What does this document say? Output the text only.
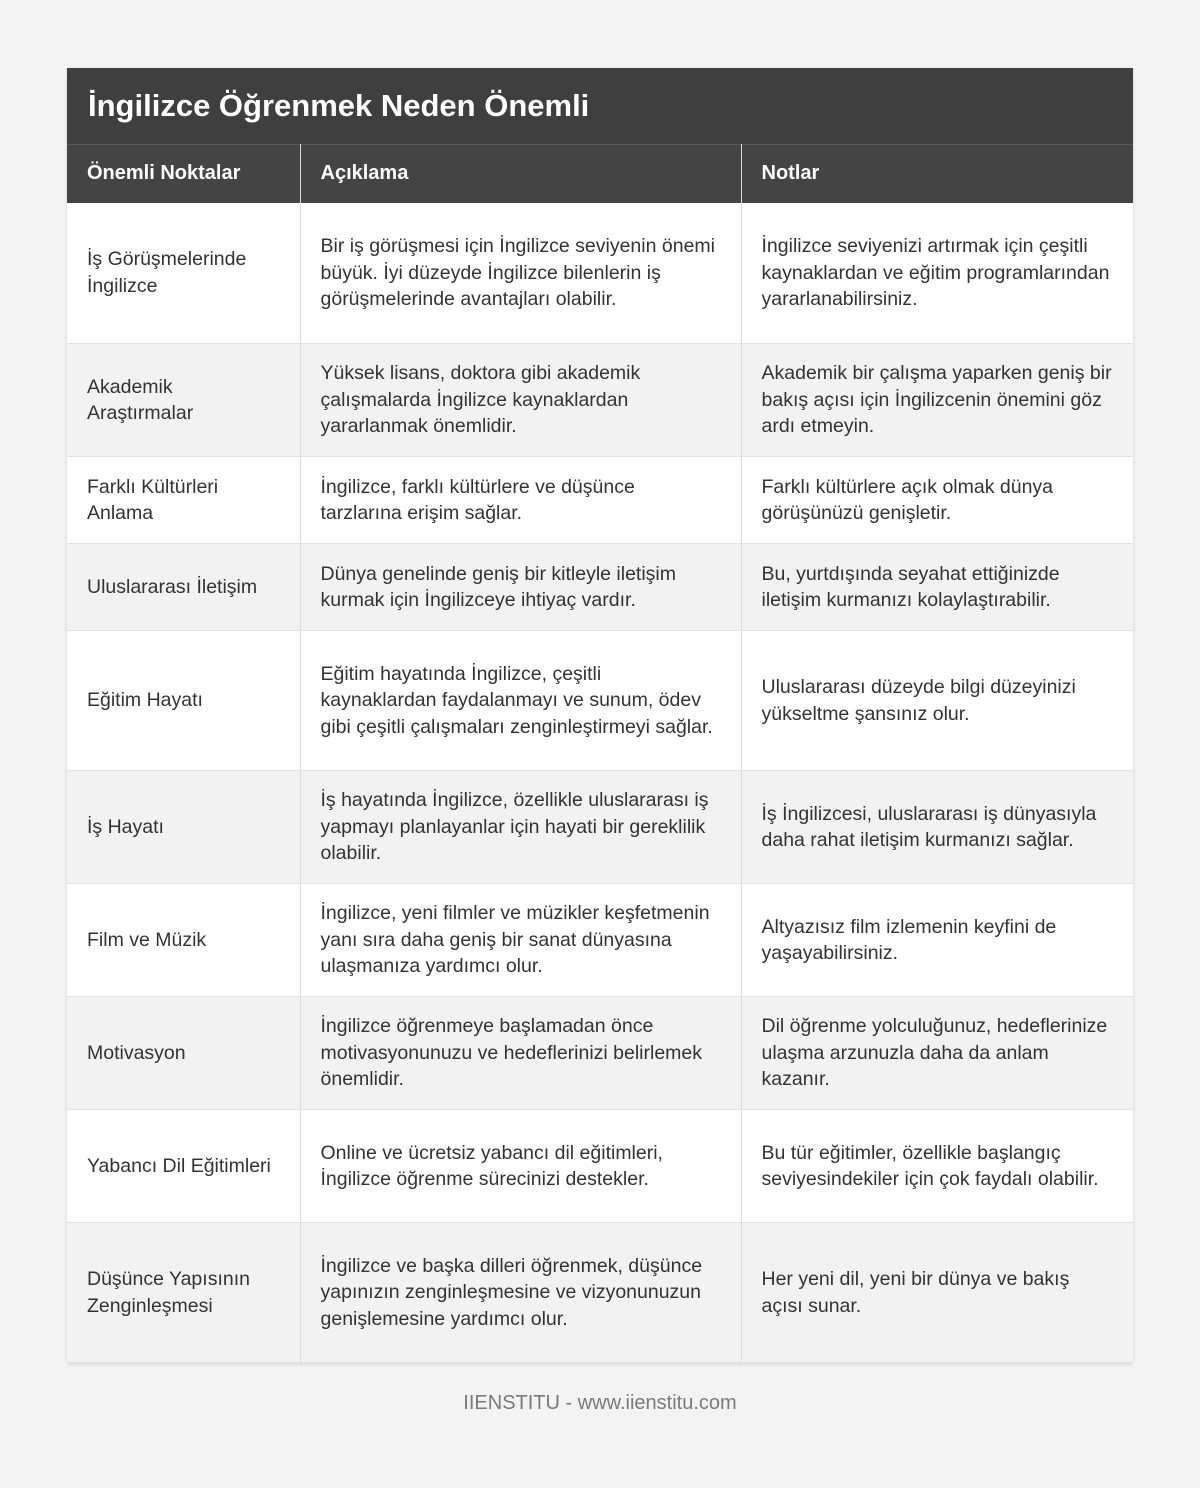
İngilizce Öğrenmek Neden Önemli
Önemli Noktalar	Açıklama	Notlar
İş Görüşmelerinde İngilizce	Bir iş görüşmesi için İngilizce seviyenin önemi büyük. İyi düzeyde İngilizce bilenlerin iş görüşmelerinde avantajları olabilir.	İngilizce seviyenizi artırmak için çeşitli kaynaklardan ve eğitim programlarından yararlanabilirsiniz.
Akademik Araştırmalar	Yüksek lisans, doktora gibi akademik çalışmalarda İngilizce kaynaklardan yararlanmak önemlidir.	Akademik bir çalışma yaparken geniş bir bakış açısı için İngilizcenin önemini göz ardı etmeyin.
Farklı Kültürleri Anlama	İngilizce, farklı kültürlere ve düşünce tarzlarına erişim sağlar.	Farklı kültürlere açık olmak dünya görüşünüzü genişletir.
Uluslararası İletişim	Dünya genelinde geniş bir kitleyle iletişim kurmak için İngilizceye ihtiyaç vardır.	Bu, yurtdışında seyahat ettiğinizde iletişim kurmanızı kolaylaştırabilir.
Eğitim Hayatı	Eğitim hayatında İngilizce, çeşitli kaynaklardan faydalanmayı ve sunum, ödev gibi çeşitli çalışmaları zenginleştirmeyi sağlar.	Uluslararası düzeyde bilgi düzeyinizi yükseltme şansınız olur.
İş Hayatı	İş hayatında İngilizce, özellikle uluslararası iş yapmayı planlayanlar için hayati bir gereklilik olabilir.	İş İngilizcesi, uluslararası iş dünyasıyla daha rahat iletişim kurmanızı sağlar.
Film ve Müzik	İngilizce, yeni filmler ve müzikler keşfetmenin yanı sıra daha geniş bir sanat dünyasına ulaşmanıza yardımcı olur.	Altyazısız film izlemenin keyfini de yaşayabilirsiniz.
Motivasyon	İngilizce öğrenmeye başlamadan önce motivasyonunuzu ve hedeflerinizi belirlemek önemlidir.	Dil öğrenme yolculuğunuz, hedeflerinize ulaşma arzunuzla daha da anlam kazanır.
Yabancı Dil Eğitimleri	Online ve ücretsiz yabancı dil eğitimleri, İngilizce öğrenme sürecinizi destekler.	Bu tür eğitimler, özellikle başlangıç seviyesindekiler için çok faydalı olabilir.
Düşünce Yapısının Zenginleşmesi	İngilizce ve başka dilleri öğrenmek, düşünce yapınızın zenginleşmesine ve vizyonunuzun genişlemesine yardımcı olur.	Her yeni dil, yeni bir dünya ve bakış açısı sunar.
IIENSTITU - www.iienstitu.com
